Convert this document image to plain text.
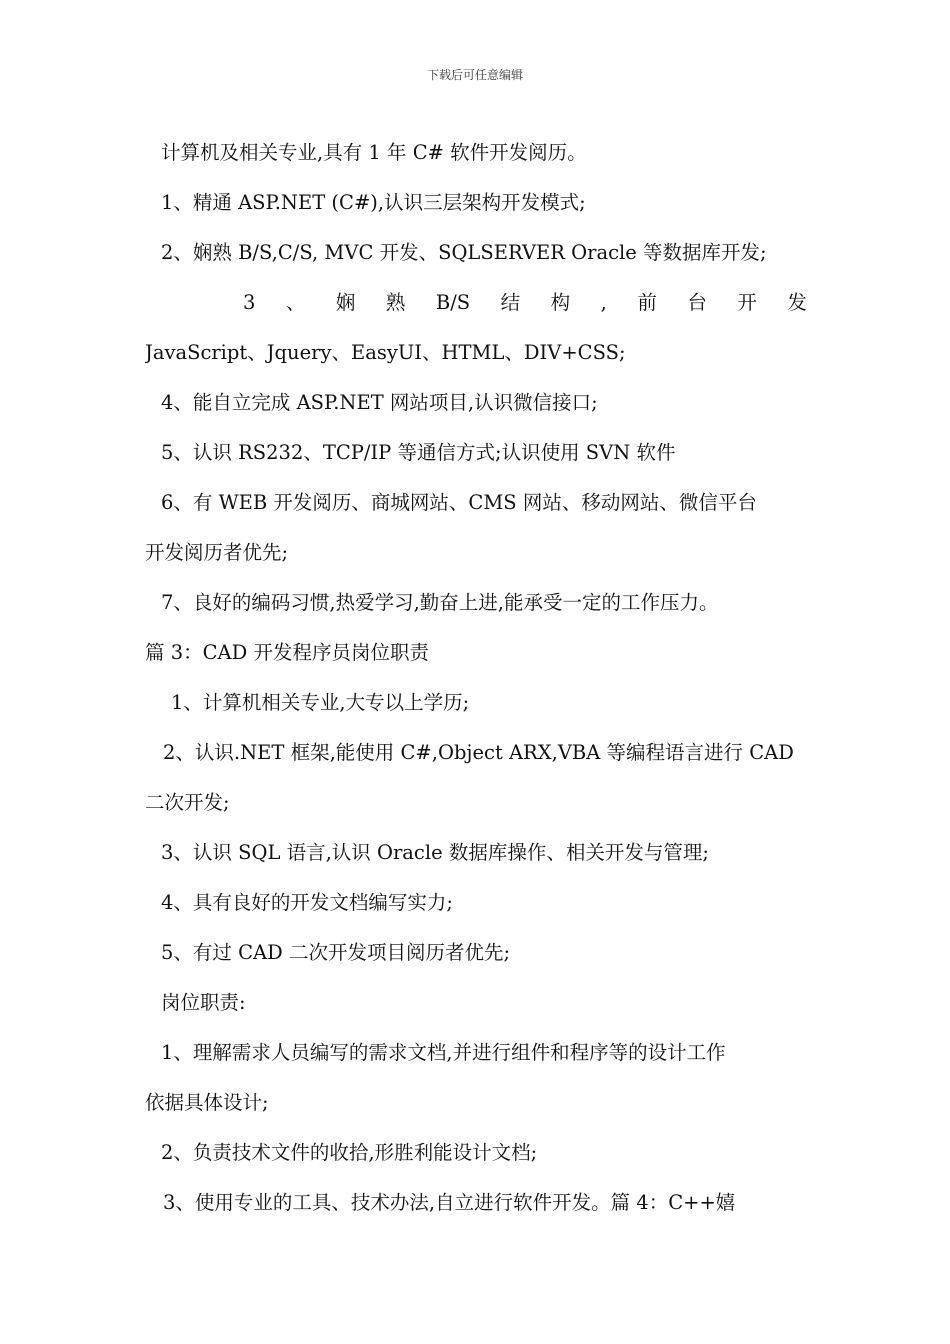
下载后可任意编辑
计算机及相关专业,具有 1 年 C# 软件开发阅历。
1、精通 ASP.NET (C#),认识三层架构开发模式;
2、娴熟 B/S,C/S, MVC 开发、SQLSERVER Oracle 等数据库开发;
3 、 娴 熟 B/S 结 构 , 前 台 开 发
JavaScript、Jquery、EasyUI、HTML、DIV+CSS;
4、能自立完成 ASP.NET 网站项目,认识微信接口;
5、认识 RS232、TCP/IP 等通信方式;认识使用 SVN 软件
6、有 WEB 开发阅历、商城网站、CMS 网站、移动网站、微信平台
开发阅历者优先;
7、良好的编码习惯,热爱学习,勤奋上进,能承受一定的工作压力。
篇 3：CAD 开发程序员岗位职责
1、计算机相关专业,大专以上学历;
2、认识.NET 框架,能使用 C#,Object ARX,VBA 等编程语言进行 CAD
二次开发;
3、认识 SQL 语言,认识 Oracle 数据库操作、相关开发与管理;
4、具有良好的开发文档编写实力;
5、有过 CAD 二次开发项目阅历者优先;
岗位职责:
1、理解需求人员编写的需求文档,并进行组件和程序等的设计工作
依据具体设计;
2、负责技术文件的收拾,形胜利能设计文档;
3、使用专业的工具、技术办法,自立进行软件开发。篇 4：C++嬉
